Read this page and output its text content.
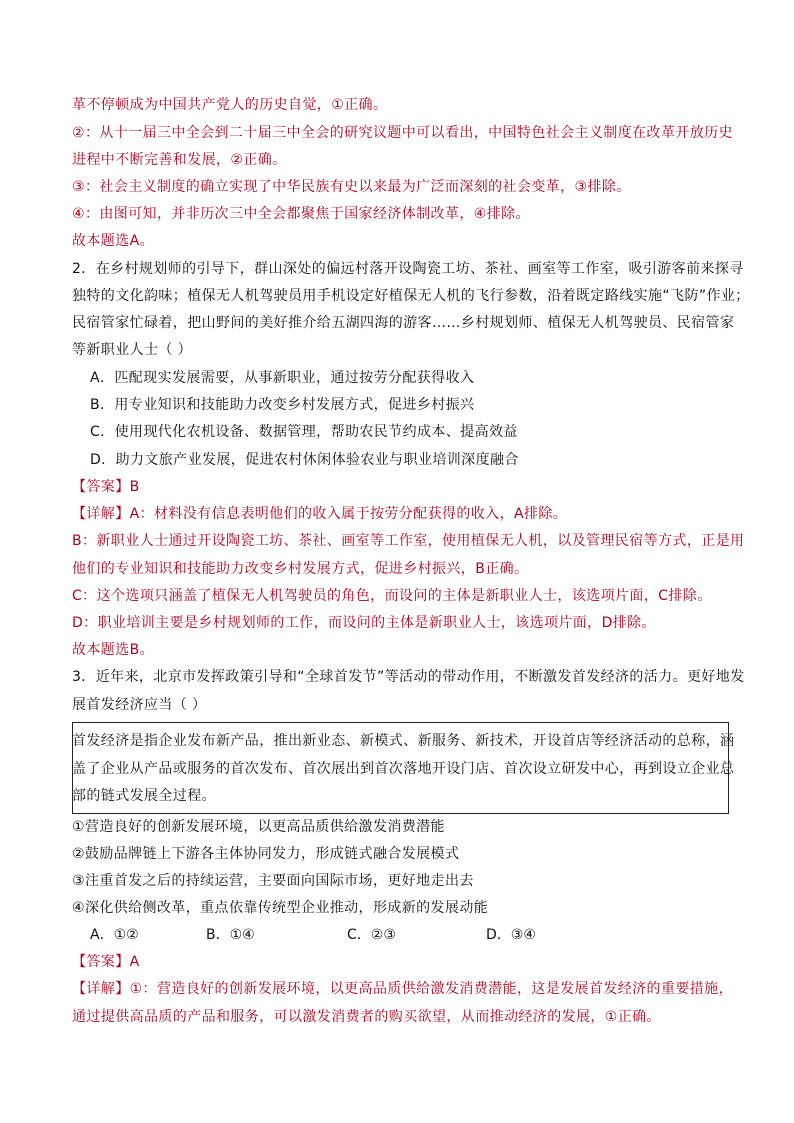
革不停顿成为中国共产党人的历史自觉，①正确。
②：从十一届三中全会到二十届三中全会的研究议题中可以看出，中国特色社会主义制度在改革开放历史
进程中不断完善和发展，②正确。
③：社会主义制度的确立实现了中华民族有史以来最为广泛而深刻的社会变革，③排除。
④：由图可知，并非历次三中全会都聚焦于国家经济体制改革，④排除。
故本题选A。
2．在乡村规划师的引导下，群山深处的偏远村落开设陶瓷工坊、茶社、画室等工作室，吸引游客前来探寻
独特的文化韵味；植保无人机驾驶员用手机设定好植保无人机的飞行参数，沿着既定路线实施“飞防”作业；
民宿管家忙碌着，把山野间的美好推介给五湖四海的游客……乡村规划师、植保无人机驾驶员、民宿管家
等新职业人士（ ）
A．匹配现实发展需要，从事新职业，通过按劳分配获得收入
B．用专业知识和技能助力改变乡村发展方式，促进乡村振兴
C．使用现代化农机设备、数据管理，帮助农民节约成本、提高效益
D．助力文旅产业发展，促进农村休闲体验农业与职业培训深度融合
【答案】B
【详解】A：材料没有信息表明他们的收入属于按劳分配获得的收入，A排除。
B：新职业人士通过开设陶瓷工坊、茶社、画室等工作室，使用植保无人机，以及管理民宿等方式，正是用
他们的专业知识和技能助力改变乡村发展方式，促进乡村振兴，B正确。
C：这个选项只涵盖了植保无人机驾驶员的角色，而设问的主体是新职业人士，该选项片面，C排除。
D：职业培训主要是乡村规划师的工作，而设问的主体是新职业人士，该选项片面，D排除。
故本题选B。
3．近年来，北京市发挥政策引导和“全球首发节”等活动的带动作用，不断激发首发经济的活力。更好地发
展首发经济应当（ ）
首发经济是指企业发布新产品，推出新业态、新模式、新服务、新技术，开设首店等经济活动的总称，涵
盖了企业从产品或服务的首次发布、首次展出到首次落地开设门店、首次设立研发中心，再到设立企业总
部的链式发展全过程。
①营造良好的创新发展环境，以更高品质供给激发消费潜能
②鼓励品牌链上下游各主体协同发力，形成链式融合发展模式
③注重首发之后的持续运营，主要面向国际市场，更好地走出去
④深化供给侧改革，重点依靠传统型企业推动，形成新的发展动能
A．①②	B．①④	C．②③	D．③④
【答案】A
【详解】①：营造良好的创新发展环境，以更高品质供给激发消费潜能，这是发展首发经济的重要措施，
通过提供高品质的产品和服务，可以激发消费者的购买欲望，从而推动经济的发展，①正确。
